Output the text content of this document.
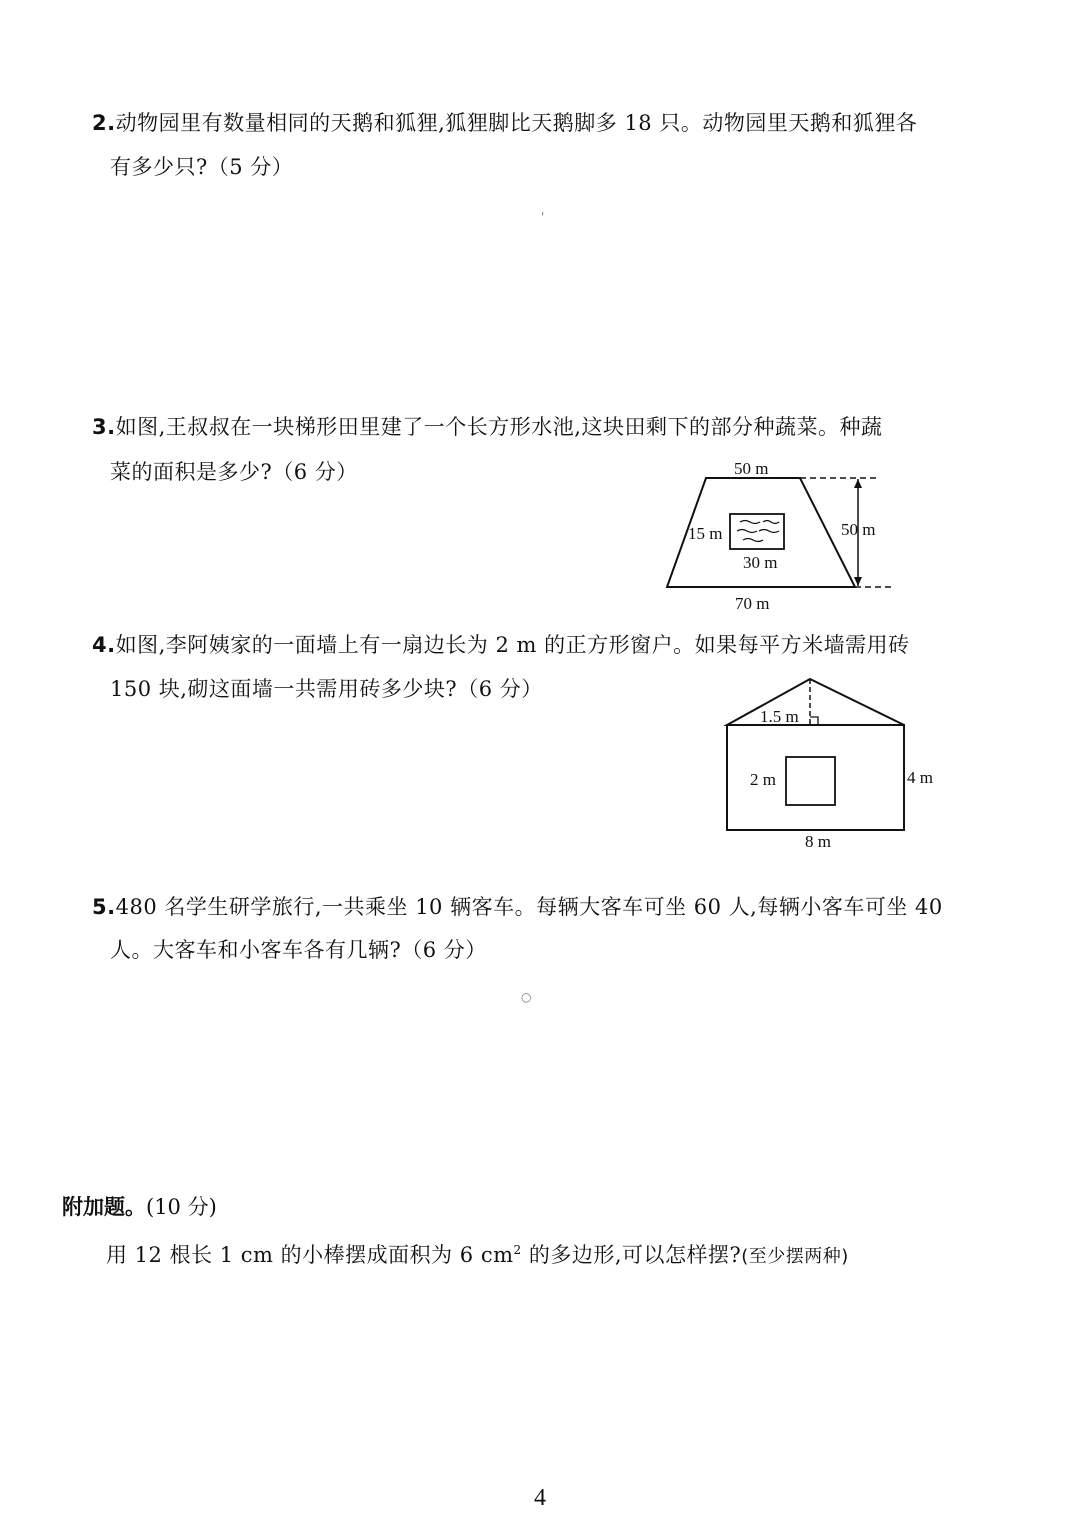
2.动物园里有数量相同的天鹅和狐狸,狐狸脚比天鹅脚多 18 只。动物园里天鹅和狐狸各
有多少只?（5 分）
'
3.如图,王叔叔在一块梯形田里建了一个长方形水池,这块田剩下的部分种蔬菜。种蔬
菜的面积是多少?（6 分）	50 m
50 m
15 m
30 m
70 m
4.如图,李阿姨家的一面墙上有一扇边长为 2 m 的正方形窗户。如果每平方米墙需用砖
150 块,砌这面墙一共需用砖多少块?（6 分）
1.5 m
2 m	4 m
8 m
5.480 名学生研学旅行,一共乘坐 10 辆客车。每辆大客车可坐 60 人,每辆小客车可坐 40
人。大客车和小客车各有几辆?（6 分）
○
附加题。(10 分)
用 12 根长 1 cm 的小棒摆成面积为 6 $cm^2$ 的多边形,可以怎样摆?(至少摆两种)
4
